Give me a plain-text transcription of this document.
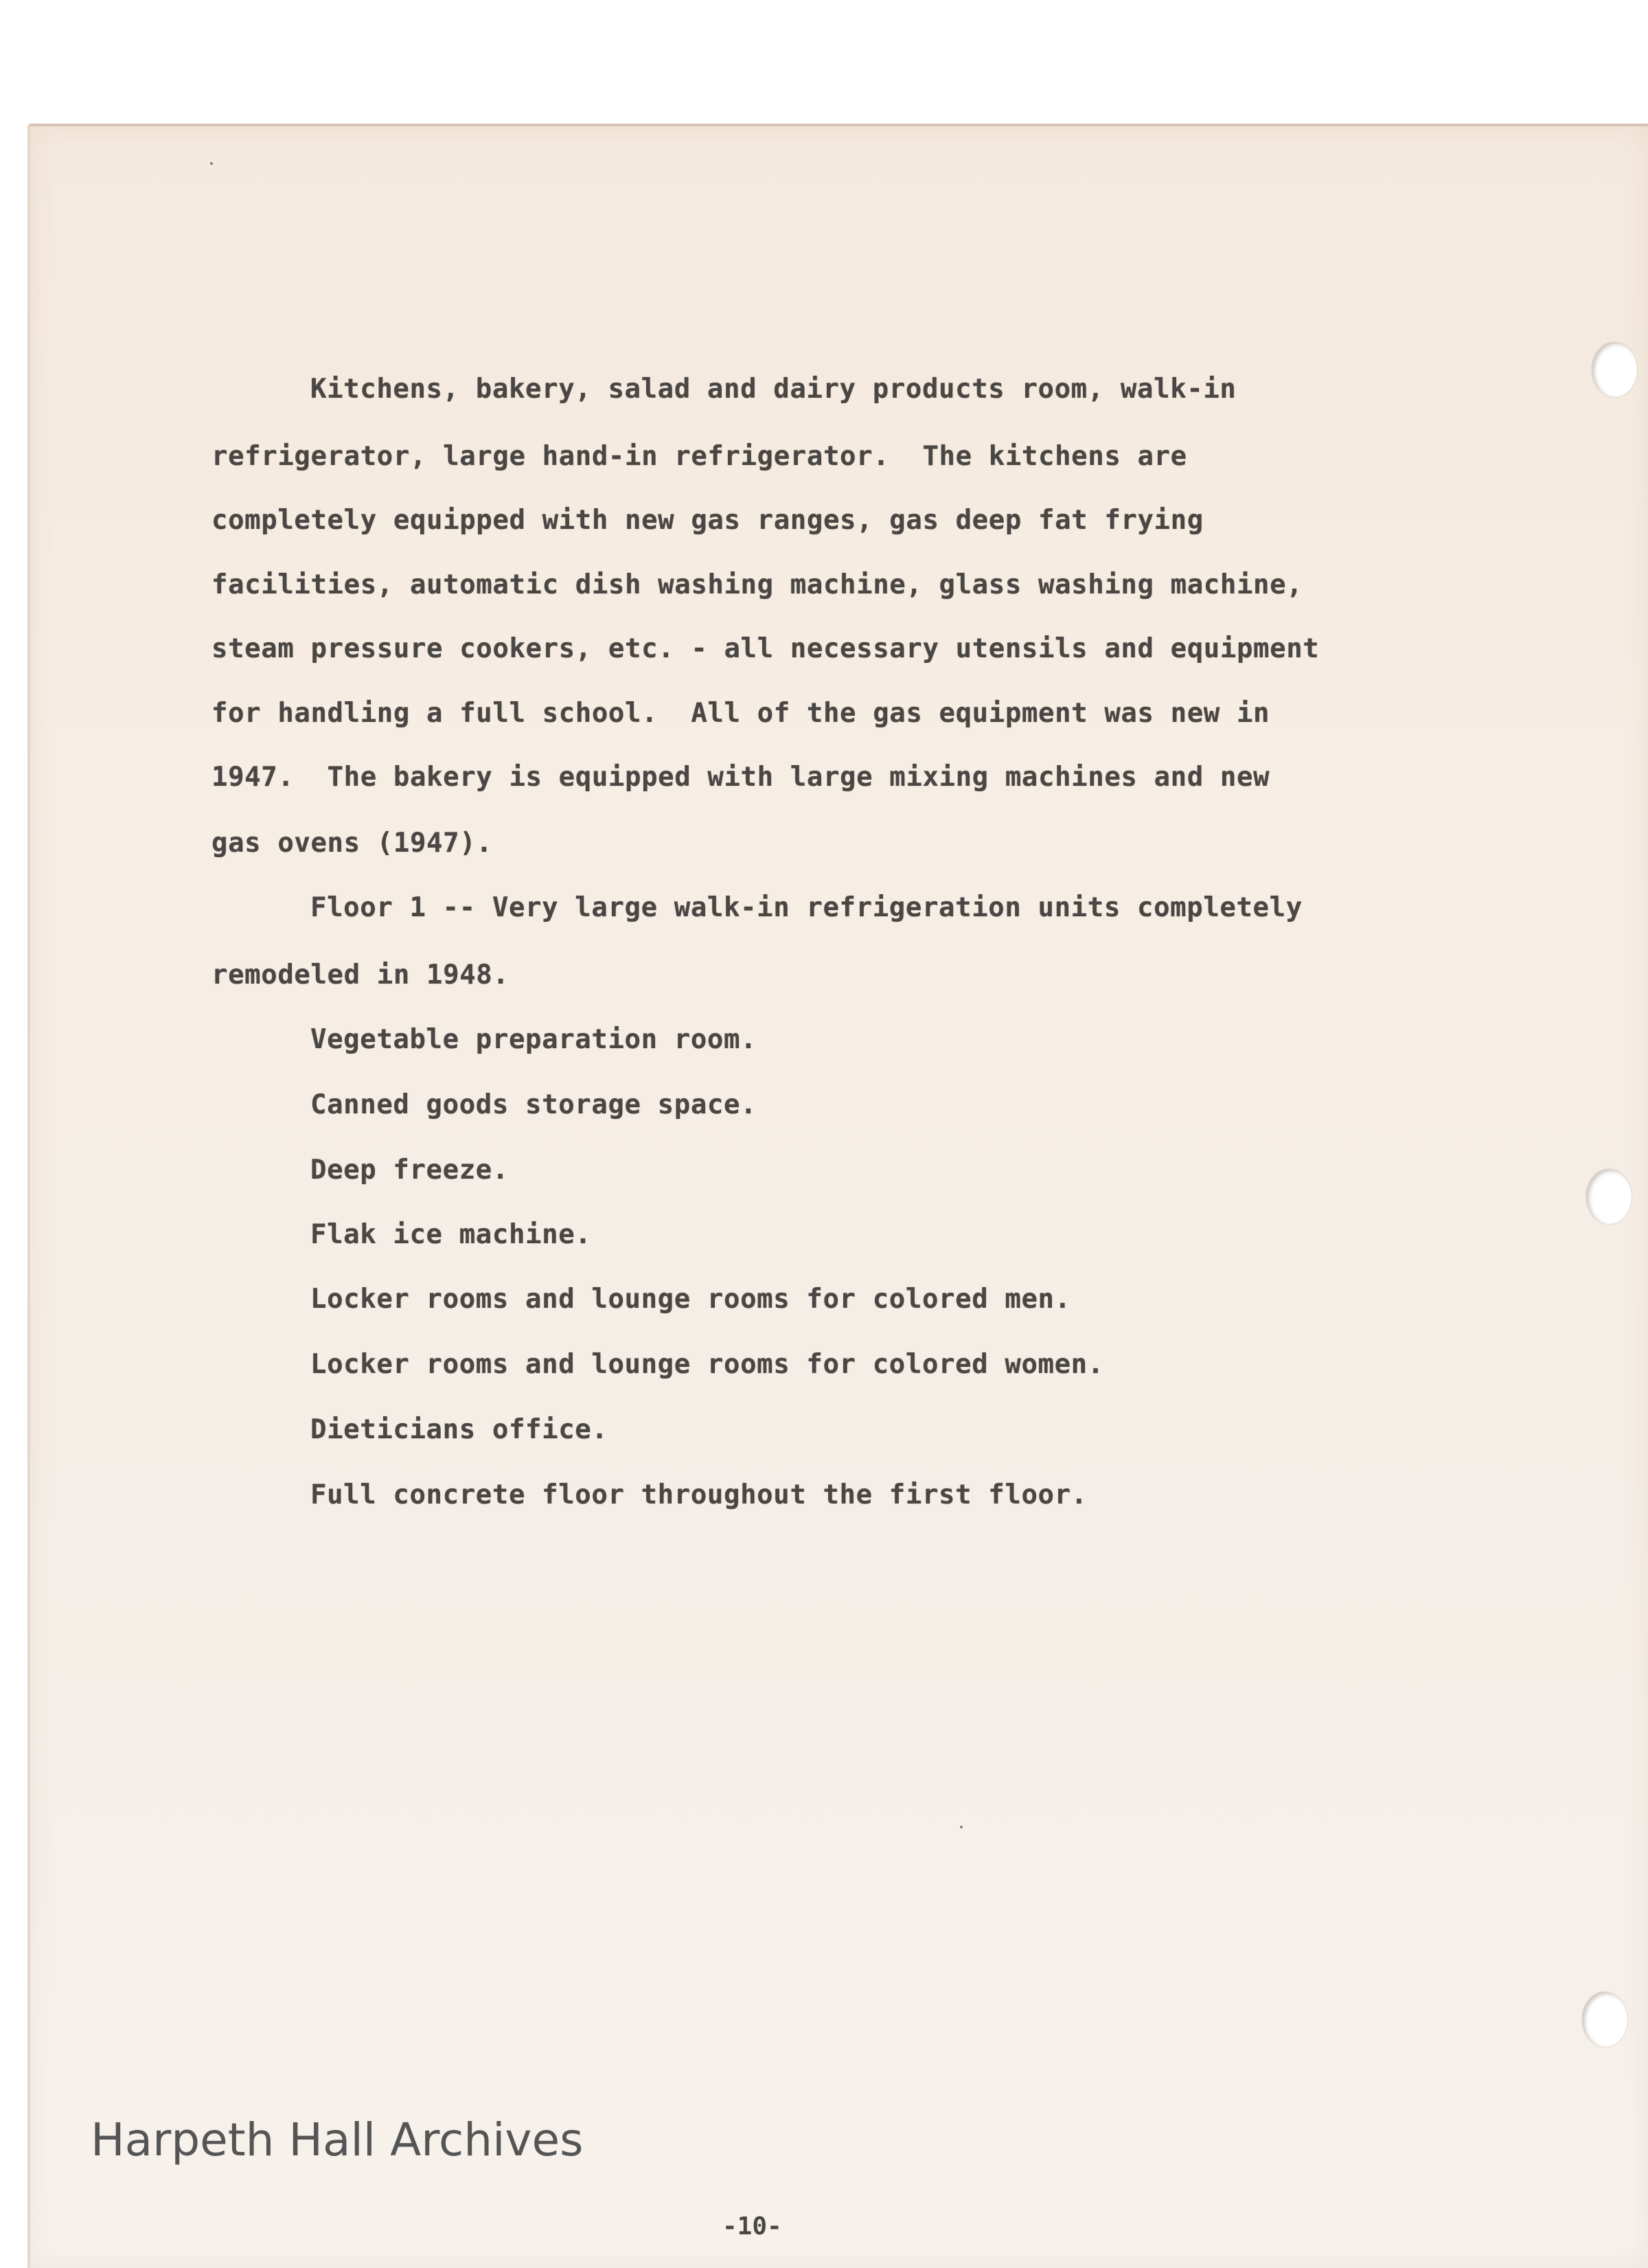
Kitchens, bakery, salad and dairy products room, walk-in
refrigerator, large hand-in refrigerator.  The kitchens are
completely equipped with new gas ranges, gas deep fat frying
facilities, automatic dish washing machine, glass washing machine,
steam pressure cookers, etc. - all necessary utensils and equipment
for handling a full school.  All of the gas equipment was new in
1947.  The bakery is equipped with large mixing machines and new
gas ovens (1947).
Floor 1 -- Very large walk-in refrigeration units completely
remodeled in 1948.
Vegetable preparation room.
Canned goods storage space.
Deep freeze.
Flak ice machine.
Locker rooms and lounge rooms for colored men.
Locker rooms and lounge rooms for colored women.
Dieticians office.
Full concrete floor throughout the first floor.
Harpeth Hall Archives
-10-
